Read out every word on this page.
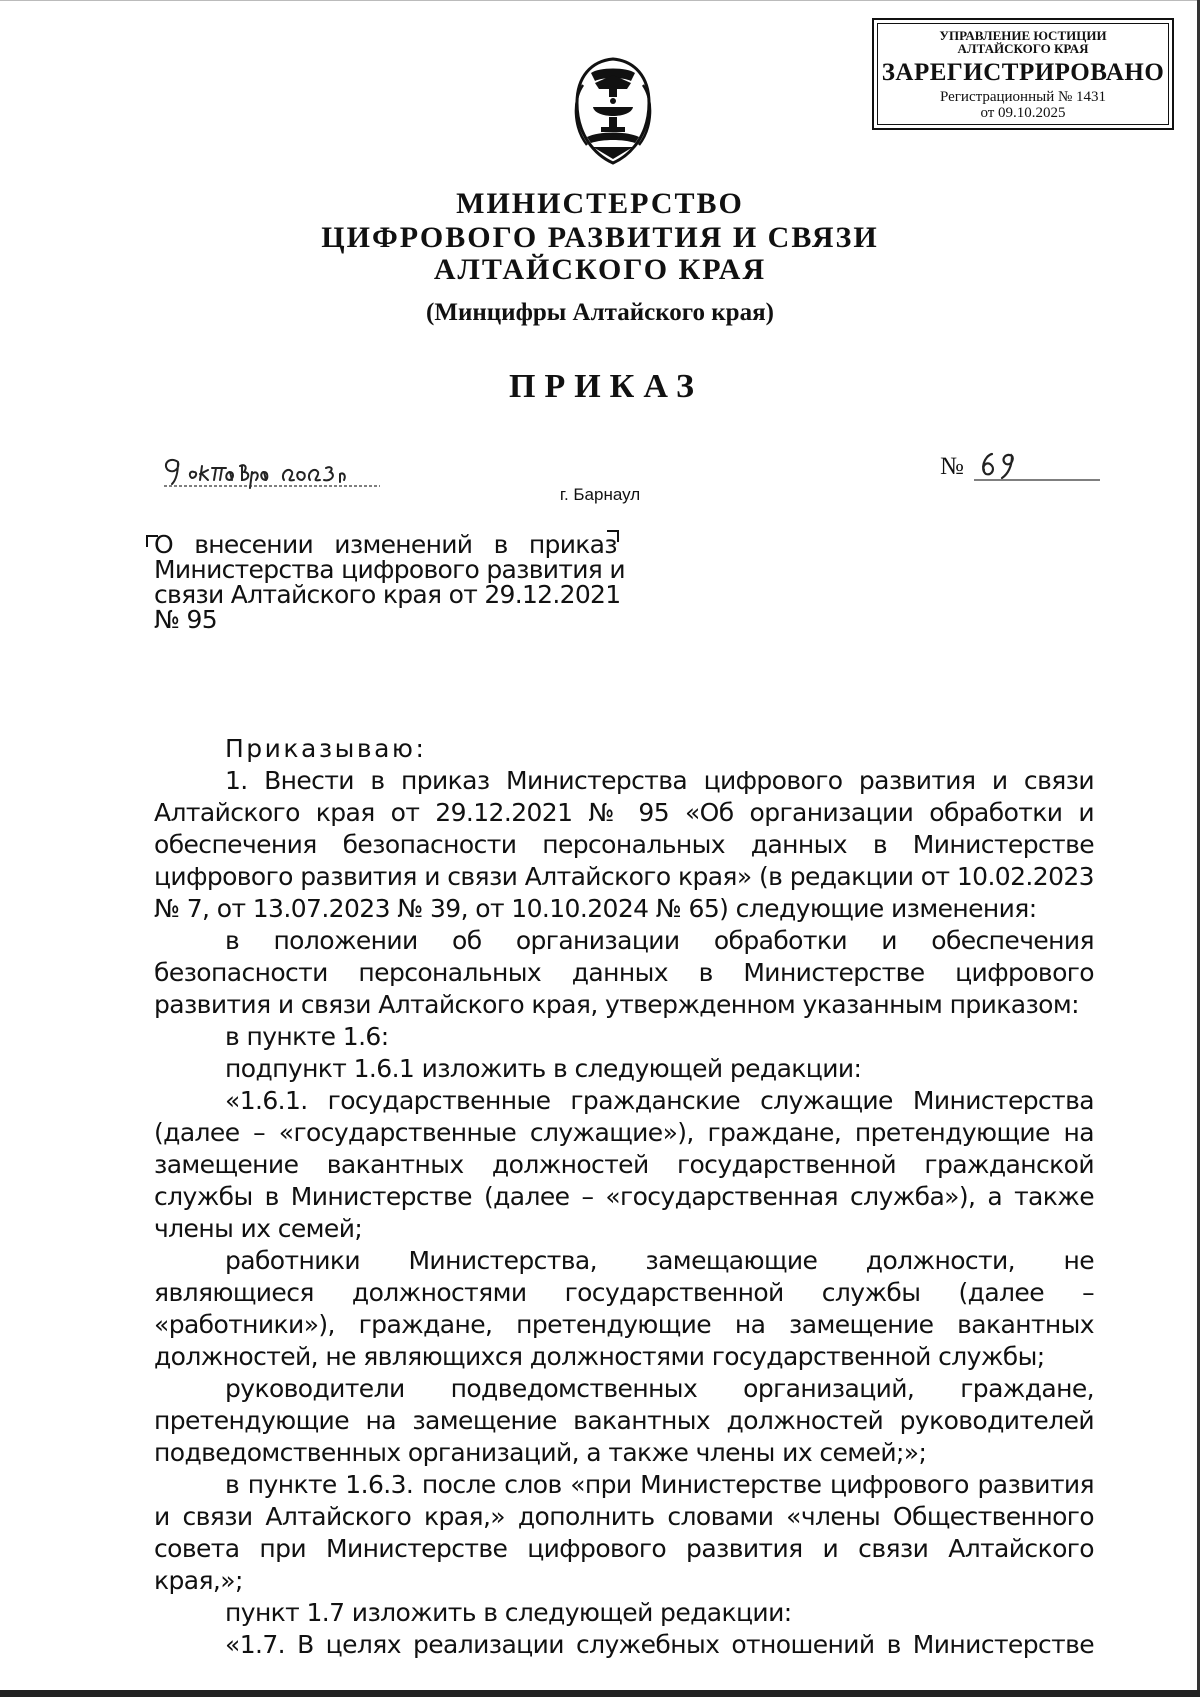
УПРАВЛЕНИЕ ЮСТИЦИИ
АЛТАЙСКОГО КРАЯ
ЗАРЕГИСТРИРОВАНО
Регистрационный № 1431
от 09.10.2025
МИНИСТЕРСТВО
ЦИФРОВОГО РАЗВИТИЯ И СВЯЗИ
АЛТАЙСКОГО КРАЯ
(Минцифры Алтайского края)
ПРИКАЗ
№
г. Барнаул

О внесении изменений в приказ

Министерства цифрового развития и

связи Алтайского края от 29.12.2021

№ 95

Приказываю:

1. Внести в приказ Министерства цифрового развития и связи Алтайского края от 29.12.2021 № 95 «Об организации обработки и обеспечения безопасности персональных данных в Министерстве цифрового развития и связи Алтайского края» (в редакции от 10.02.2023 № 7, от 13.07.2023 № 39, от 10.10.2024 № 65) следующие изменения:

в положении об организации обработки и обеспечения безопасности персональных данных в Министерстве цифрового развития и связи Алтайского края, утвержденном указанным приказом:

в пункте 1.6:

подпункт 1.6.1 изложить в следующей редакции:

«1.6.1. государственные гражданские служащие Министерства (далее – «государственные служащие»), граждане, претендующие на замещение вакантных должностей государственной гражданской службы в Министерстве (далее – «государственная служба»), а также члены их семей;

работники Министерства, замещающие должности, не являющиеся должностями государственной службы (далее – «работники»), граждане, претендующие на замещение вакантных должностей, не являющихся должностями государственной службы;

руководители подведомственных организаций, граждане, претендующие на замещение вакантных должностей руководителей подведомственных организаций, а также члены их семей;»;

в пункте 1.6.3. после слов «при Министерстве цифрового развития и связи Алтайского края,» дополнить словами «члены Общественного совета при Министерстве цифрового развития и связи Алтайского края,»;

пункт 1.7 изложить в следующей редакции:

«1.7. В целях реализации служебных отношений в Министерстве
